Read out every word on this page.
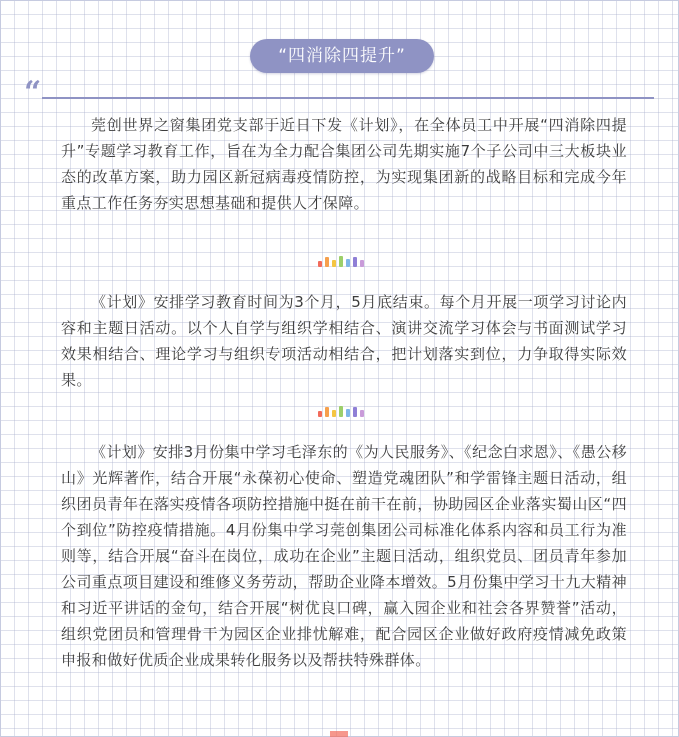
“四消除四提升”
“

莞创世界之窗集团党支部于近日下发《计划》，在全体员工中开展“四消除四提升”专题学习教育工作，旨在为全力配合集团公司先期实施7个子公司中三大板块业态的改革方案，助力园区新冠病毒疫情防控，为实现集团新的战略目标和完成今年重点工作任务夯实思想基础和提供人才保障。

《计划》安排学习教育时间为3个月，5月底结束。每个月开展一项学习讨论内容和主题日活动。以个人自学与组织学相结合、演讲交流学习体会与书面测试学习效果相结合、理论学习与组织专项活动相结合，把计划落实到位，力争取得实际效果。

《计划》安排3月份集中学习毛泽东的《为人民服务》、《纪念白求恩》、《愚公移山》光辉著作，结合开展“永葆初心使命、塑造党魂团队”和学雷锋主题日活动，组织团员青年在落实疫情各项防控措施中挺在前干在前，协助园区企业落实蜀山区“四个到位”防控疫情措施。4月份集中学习莞创集团公司标准化体系内容和员工行为准则等，结合开展“奋斗在岗位，成功在企业”主题日活动，组织党员、团员青年参加公司重点项目建设和维修义务劳动，帮助企业降本增效。5月份集中学习十九大精神和习近平讲话的金句，结合开展“树优良口碑，赢入园企业和社会各界赞誉”活动，组织党团员和管理骨干为园区企业排忧解难，配合园区企业做好政府疫情减免政策申报和做好优质企业成果转化服务以及帮扶特殊群体。
